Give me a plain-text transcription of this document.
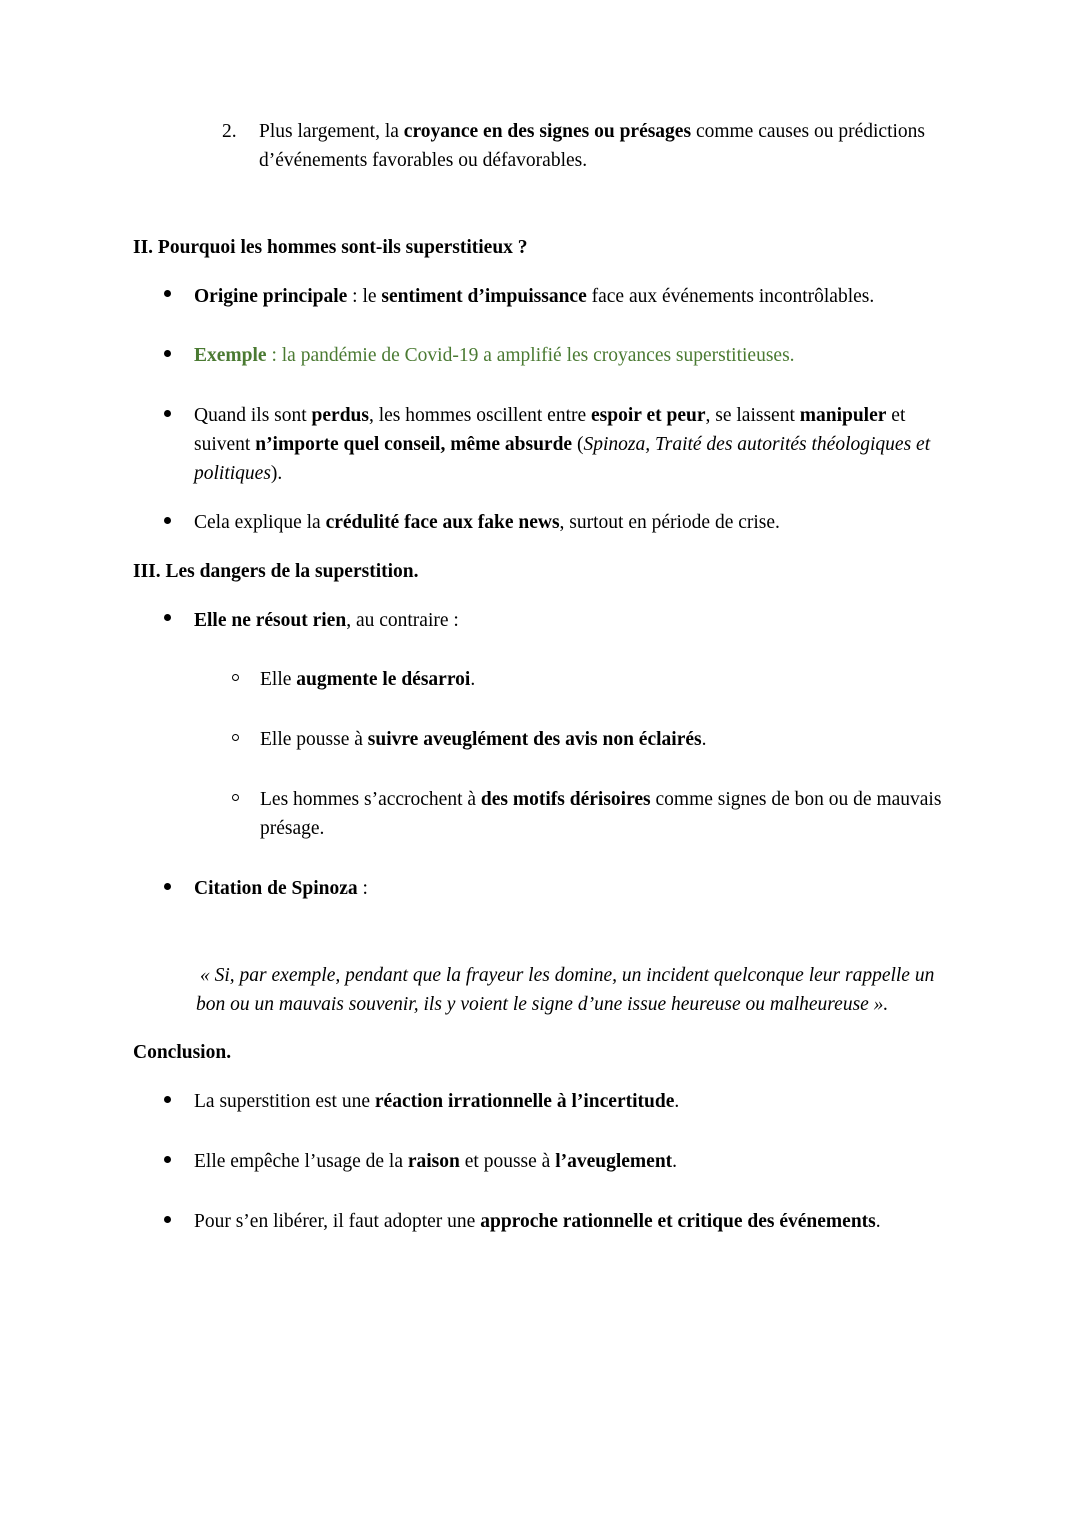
2.	Plus largement, la croyance en des signes ou présages comme causes ou prédictions d’événements favorables ou défavorables.
II. Pourquoi les hommes sont-ils superstitieux ?
Origine principale : le sentiment d’impuissance face aux événements incontrôlables.
Exemple : la pandémie de Covid-19 a amplifié les croyances superstitieuses.
Quand ils sont perdus, les hommes oscillent entre espoir et peur, se laissent manipuler et suivent n’importe quel conseil, même absurde (Spinoza, Traité des autorités théologiques et politiques).
Cela explique la crédulité face aux fake news, surtout en période de crise.
III. Les dangers de la superstition.
Elle ne résout rien, au contraire :
Elle augmente le désarroi.
Elle pousse à suivre aveuglément des avis non éclairés.
Les hommes s’accrochent à des motifs dérisoires comme signes de bon ou de mauvais présage.
Citation de Spinoza :
« Si, par exemple, pendant que la frayeur les domine, un incident quelconque leur rappelle un bon ou un mauvais souvenir, ils y voient le signe d’une issue heureuse ou malheureuse ».
Conclusion.
La superstition est une réaction irrationnelle à l’incertitude.
Elle empêche l’usage de la raison et pousse à l’aveuglement.
Pour s’en libérer, il faut adopter une approche rationnelle et critique des événements.
